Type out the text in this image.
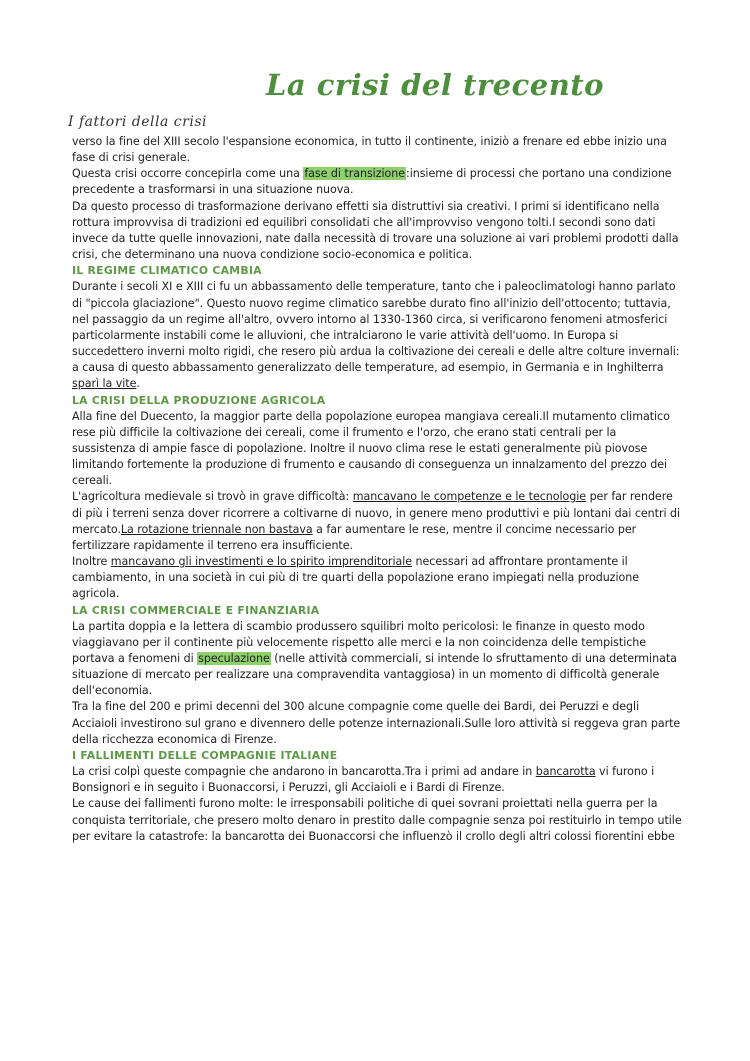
La crisi del trecento
I fattori della crisi

verso la fine del XIII secolo l'espansione economica, in tutto il continente, iniziò a frenare ed ebbe inizio una fase di crisi generale.

Questa crisi occorre concepirla come una fase di transizione:insieme di processi che portano una condizione precedente a trasformarsi in una situazione nuova.

Da questo processo di trasformazione derivano effetti sia distruttivi sia creativi. I primi si identificano nella rottura improvvisa di tradizioni ed equilibri consolidati che all'improvviso vengono tolti.I secondi sono dati invece da tutte quelle innovazioni, nate dalla necessità di trovare una soluzione ai vari problemi prodotti dalla crisi, che determinano una nuova condizione socio-economica e politica.

IL REGIME CLIMATICO CAMBIA

Durante i secoli XI e XIII ci fu un abbassamento delle temperature, tanto che i paleoclimatologi hanno parlato di "piccola glaciazione". Questo nuovo regime climatico sarebbe durato fino all'inizio dell'ottocento; tuttavia, nel passaggio da un regime all'altro, ovvero intorno al 1330-1360 circa, si verificarono fenomeni atmosferici particolarmente instabili come le alluvioni, che intralciarono le varie attività dell'uomo. In Europa si succedettero inverni molto rigidi, che resero più ardua la coltivazione dei cereali e delle altre colture invernali: a causa di questo abbassamento generalizzato delle temperature, ad esempio, in Germania e in Inghilterra sparì la vite.

LA CRISI DELLA PRODUZIONE AGRICOLA

Alla fine del Duecento, la maggior parte della popolazione europea mangiava cereali.Il mutamento climatico rese più difficile la coltivazione dei cereali, come il frumento e l'orzo, che erano stati centrali per la sussistenza di ampie fasce di popolazione. Inoltre il nuovo clima rese le estati generalmente più piovose limitando fortemente la produzione di frumento e causando di conseguenza un innalzamento del prezzo dei cereali.

L'agricoltura medievale si trovò in grave difficoltà: mancavano le competenze e le tecnologie per far rendere di più i terreni senza dover ricorrere a coltivarne di nuovo, in genere meno produttivi e più lontani dai centri di mercato.La rotazione triennale non bastava a far aumentare le rese, mentre il concime necessario per fertilizzare rapidamente il terreno era insufficiente.

Inoltre mancavano gli investimenti e lo spirito imprenditoriale necessari ad affrontare prontamente il cambiamento, in una società in cui più di tre quarti della popolazione erano impiegati nella produzione agricola.

LA CRISI COMMERCIALE E FINANZIARIA

La partita doppia e la lettera di scambio produssero squilibri molto pericolosi: le finanze in questo modo viaggiavano per il continente più velocemente rispetto alle merci e la non coincidenza delle tempistiche portava a fenomeni di speculazione (nelle attività commerciali, si intende lo sfruttamento di una determinata situazione di mercato per realizzare una compravendita vantaggiosa) in un momento di difficoltà generale dell'economia.

Tra la fine del 200 e primi decenni del 300 alcune compagnie come quelle dei Bardi, dei Peruzzi e degli Acciaioli investirono sul grano e divennero delle potenze internazionali.Sulle loro attività si reggeva gran parte della ricchezza economica di Firenze.

I FALLIMENTI DELLE COMPAGNIE ITALIANE

La crisi colpì queste compagnie che andarono in bancarotta.Tra i primi ad andare in bancarotta vi furono i Bonsignori e in seguito i Buonaccorsi, i Peruzzi, gli Acciaioli e i Bardi di Firenze.

Le cause dei fallimenti furono molte: le irresponsabili politiche di quei sovrani proiettati nella guerra per la conquista territoriale, che presero molto denaro in prestito dalle compagnie senza poi restituirlo in tempo utile per evitare la catastrofe: la bancarotta dei Buonaccorsi che influenzò il crollo degli altri colossi fiorentini ebbe
